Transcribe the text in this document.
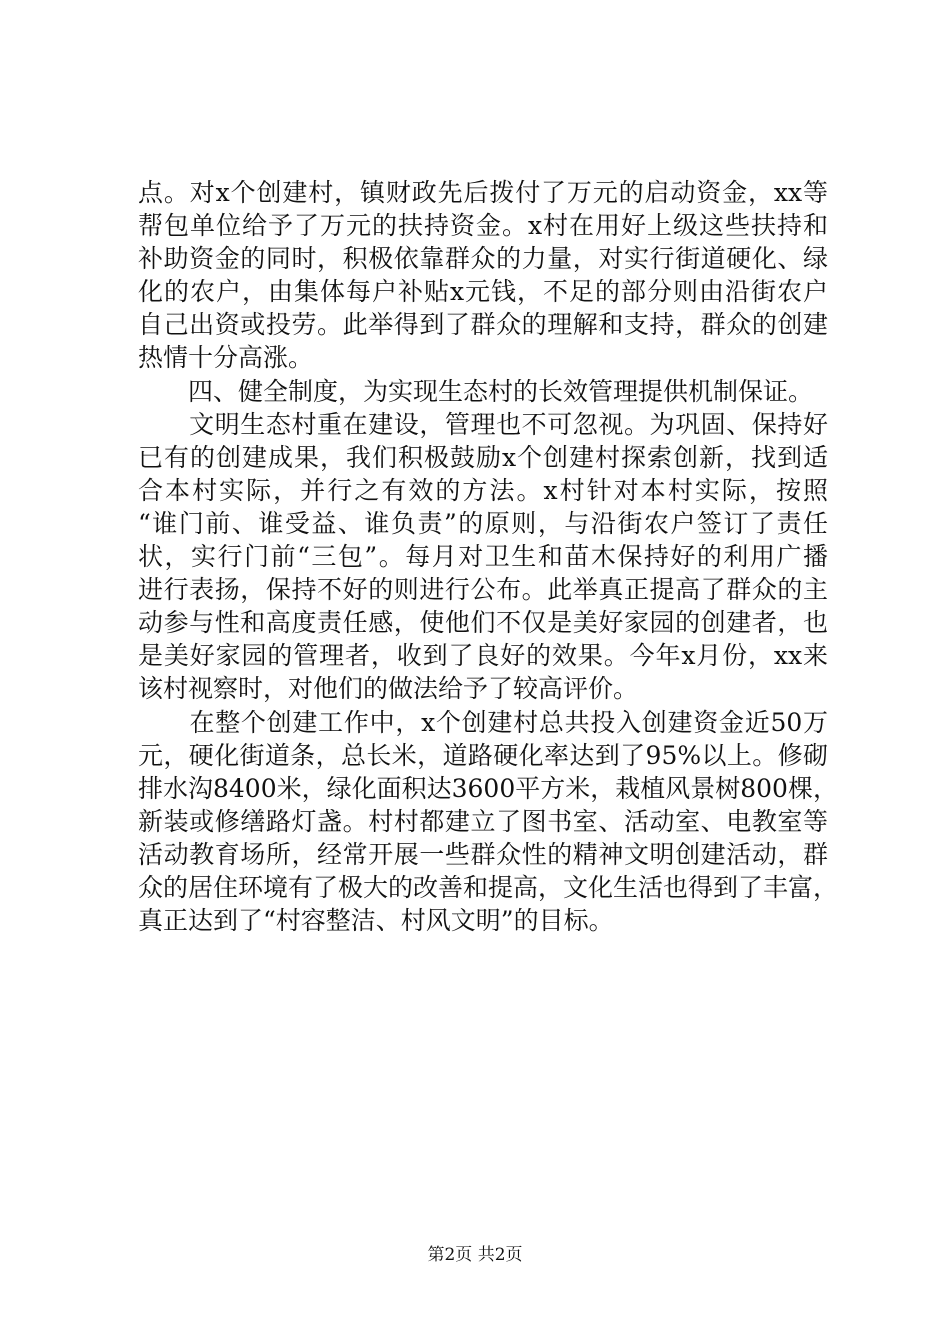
点。对x个创建村，镇财政先后拨付了万元的启动资金，xx等
帮包单位给予了万元的扶持资金。x村在用好上级这些扶持和
补助资金的同时，积极依靠群众的力量，对实行街道硬化、绿
化的农户，由集体每户补贴x元钱，不足的部分则由沿街农户
自己出资或投劳。此举得到了群众的理解和支持，群众的创建
热情十分高涨。
　　四、健全制度，为实现生态村的长效管理提供机制保证。
　　文明生态村重在建设，管理也不可忽视。为巩固、保持好
已有的创建成果，我们积极鼓励x个创建村探索创新，找到适
合本村实际，并行之有效的方法。x村针对本村实际，按照
“谁门前、谁受益、谁负责”的原则，与沿街农户签订了责任
状，实行门前“三包”。每月对卫生和苗木保持好的利用广播
进行表扬，保持不好的则进行公布。此举真正提高了群众的主
动参与性和高度责任感，使他们不仅是美好家园的创建者，也
是美好家园的管理者，收到了良好的效果。今年x月份，xx来
该村视察时，对他们的做法给予了较高评价。
　　在整个创建工作中，x个创建村总共投入创建资金近50万
元，硬化街道条，总长米，道路硬化率达到了95%以上。修砌
排水沟8400米，绿化面积达3600平方米，栽植风景树800棵，
新装或修缮路灯盏。村村都建立了图书室、活动室、电教室等
活动教育场所，经常开展一些群众性的精神文明创建活动，群
众的居住环境有了极大的改善和提高，文化生活也得到了丰富，
真正达到了“村容整洁、村风文明”的目标。
第2页 共2页
